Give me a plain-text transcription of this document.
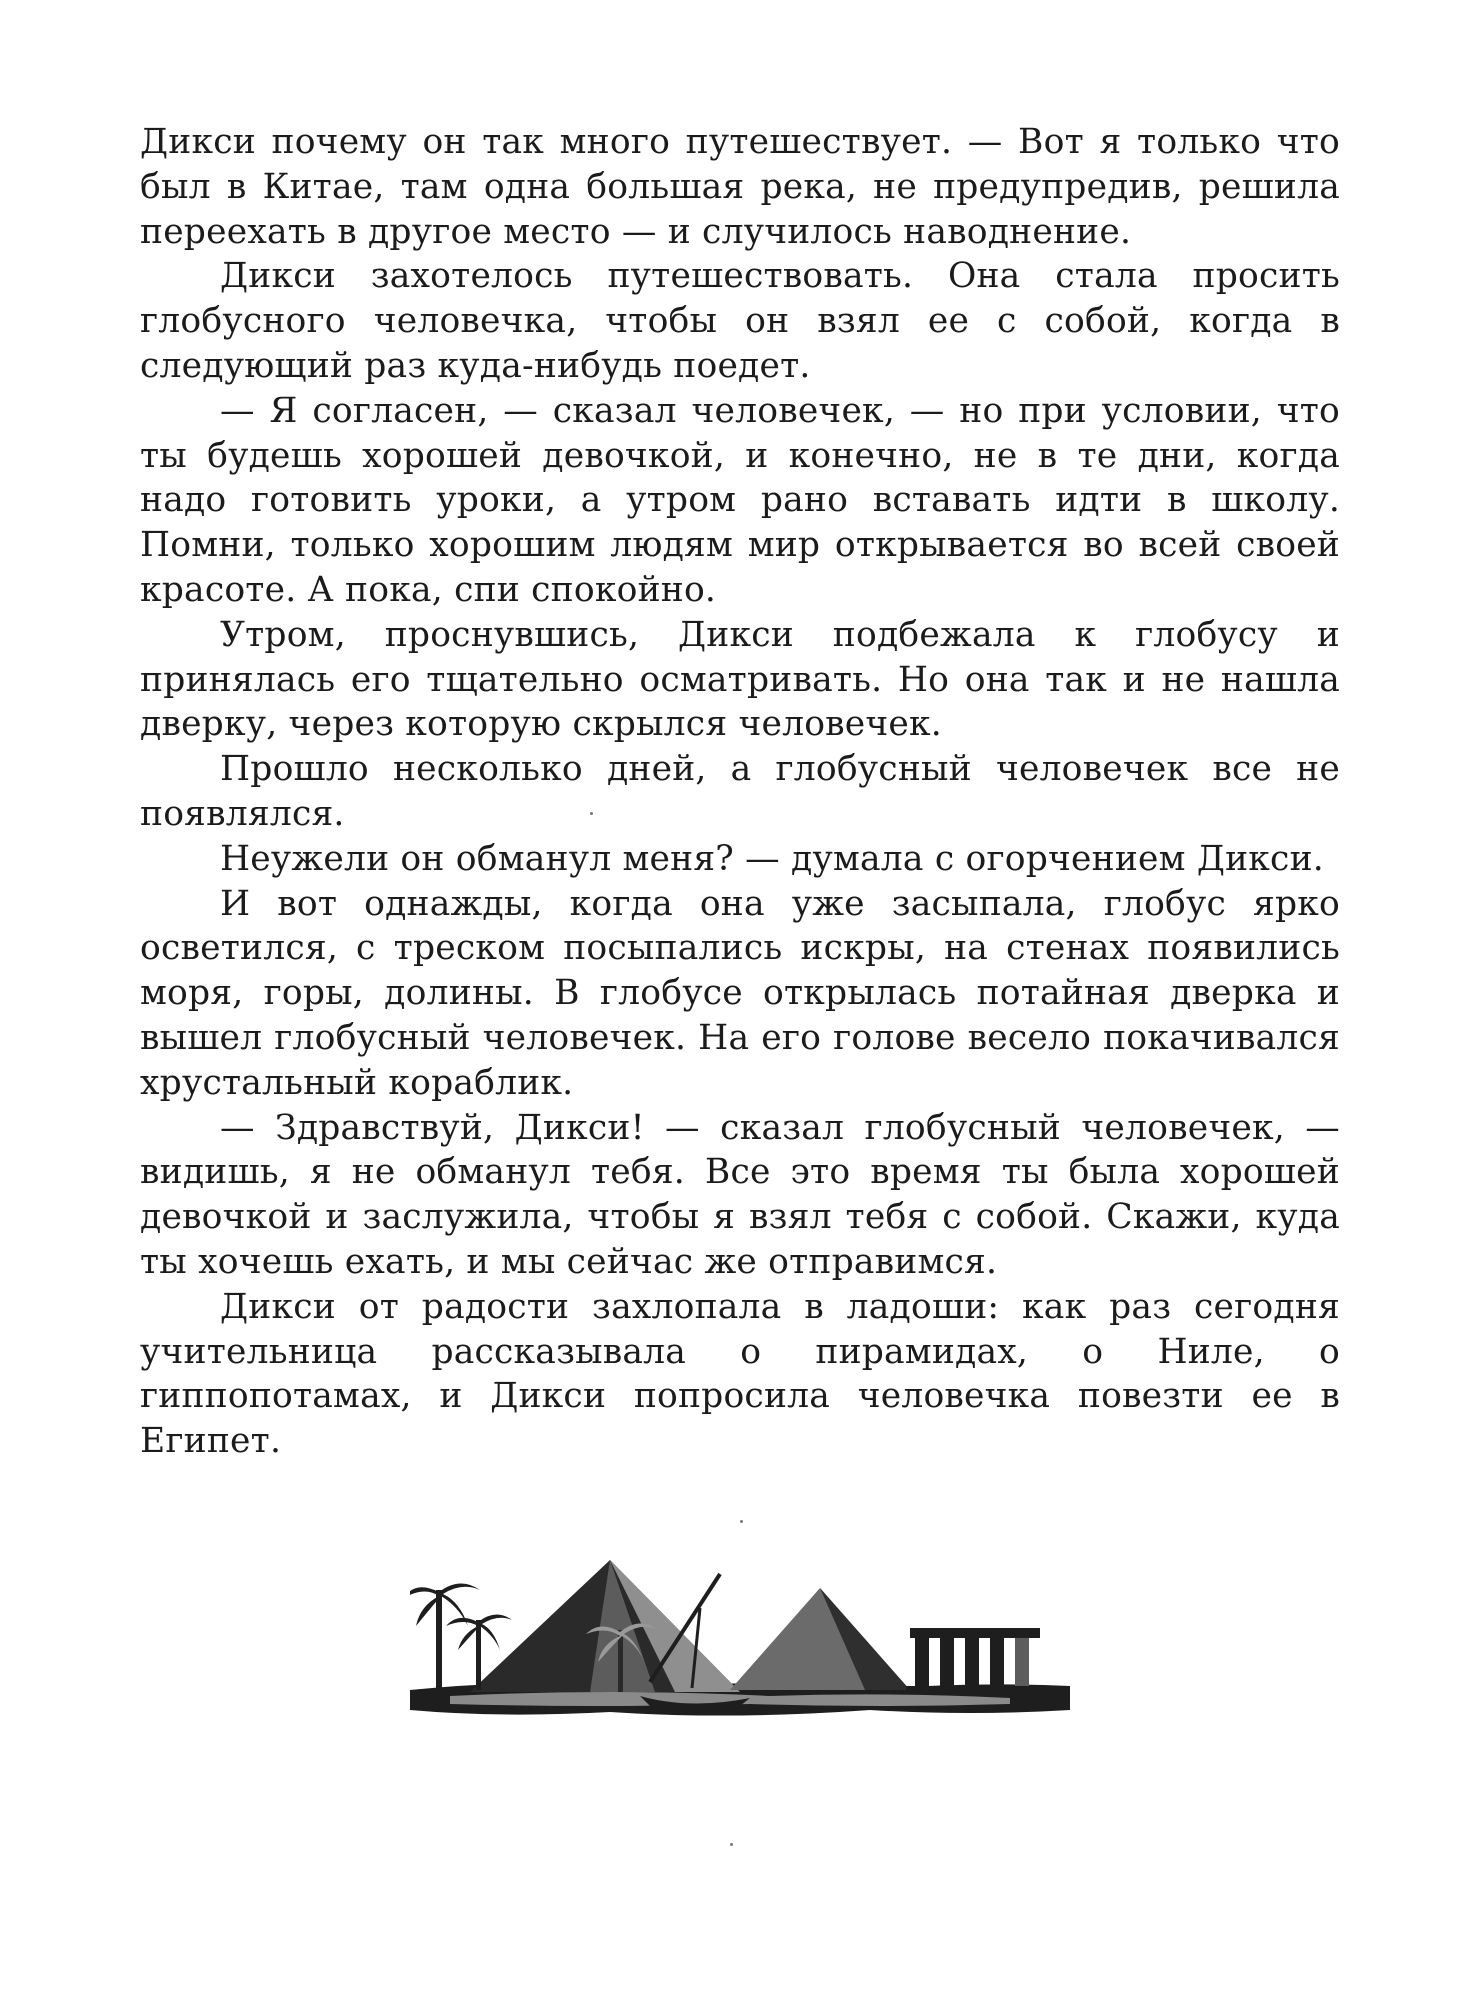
Дикси почему он так много путешествует. — Вот я только что был в Китае, там одна большая река, не предупредив, решила переехать в другое место — и случилось наводнение.

Дикси захотелось путешествовать. Она стала просить глобусного человечка, чтобы он взял ее с собой, когда в следующий раз куда-нибудь поедет.

— Я согласен, — сказал человечек, — но при условии, что ты будешь хорошей девочкой, и конечно, не в те дни, когда надо готовить уроки, а утром рано вставать идти в школу. Помни, только хорошим людям мир открывается во всей своей красоте. А пока, спи спокойно.

Утром, проснувшись, Дикси подбежала к глобусу и принялась его тщательно осматривать. Но она так и не нашла дверку, через которую скрылся человечек.

Прошло несколько дней, а глобусный человечек все не появлялся.

Неужели он обманул меня? — думала с огорчением Дикси.

И вот однажды, когда она уже засыпала, глобус ярко осветился, с треском посыпались искры, на стенах появились моря, горы, долины. В глобусе открылась потайная дверка и вышел глобусный человечек. На его голове весело покачивался хрустальный кораблик.

— Здравствуй, Дикси! — сказал глобусный человечек, — видишь, я не обманул тебя. Все это время ты была хорошей девочкой и заслужила, чтобы я взял тебя с собой. Скажи, куда ты хочешь ехать, и мы сейчас же отправимся.

Дикси от радости захлопала в ладоши: как раз сегодня учительница рассказывала о пирамидах, о Ниле, о гиппопотамах, и Дикси попросила человечка повезти ее в Египет.
